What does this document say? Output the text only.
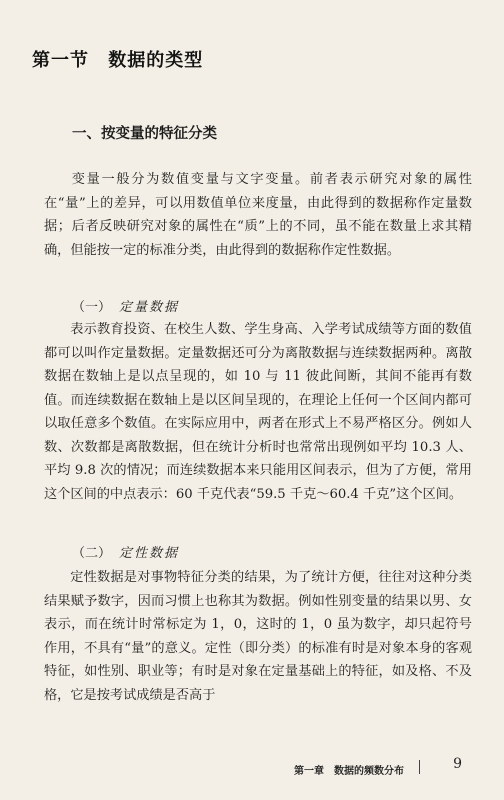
第一节 数据的类型
一、按变量的特征分类

变量一般分为数值变量与文字变量。前者表示研究对象的属性在“量”上的差异，可以用数值单位来度量，由此得到的数据称作定量数据；后者反映研究对象的属性在“质”上的不同，虽不能在数量上求其精确，但能按一定的标准分类，由此得到的数据称作定性数据。

（一） 定量数据

表示教育投资、在校生人数、学生身高、入学考试成绩等方面的数值都可以叫作定量数据。定量数据还可分为离散数据与连续数据两种。离散数据在数轴上是以点呈现的，如 10 与 11 彼此间断，其间不能再有数值。而连续数据在数轴上是以区间呈现的，在理论上任何一个区间内都可以取任意多个数值。在实际应用中，两者在形式上不易严格区分。例如人数、次数都是离散数据，但在统计分析时也常常出现例如平均 10.3 人、平均 9.8 次的情况；而连续数据本来只能用区间表示，但为了方便，常用这个区间的中点表示：60 千克代表“59.5 千克～60.4 千克”这个区间。

（二） 定性数据

定性数据是对事物特征分类的结果，为了统计方便，往往对这种分类结果赋予数字，因而习惯上也称其为数据。例如性别变量的结果以男、女表示，而在统计时常标定为 1，0，这时的 1，0 虽为数字，却只起符号作用，不具有“量”的意义。定性（即分类）的标准有时是对象本身的客观特征，如性别、职业等；有时是对象在定量基础上的特征，如及格、不及格，它是按考试成绩是否高于

第一章　数据的频数分布	9
